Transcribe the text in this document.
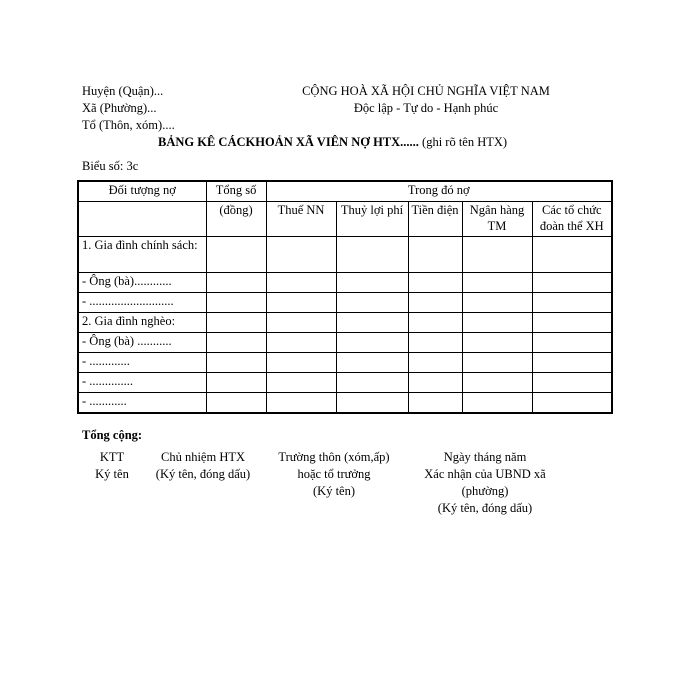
Huyện (Quận)...
Xã (Phường)...
Tổ (Thôn, xóm)....
CỘNG HOÀ XÃ HỘI CHỦ NGHĨA VIỆT NAM
Độc lập - Tự do - Hạnh phúc
BẢNG KÊ CÁCKHOẢN XÃ VIÊN NỢ HTX...... (ghi rõ tên HTX)
Biểu số: 3c
Đối tượng nợ	Tổng số	Trong đó nợ				
	(đồng)	Thuế NN	Thuỷ lợi phí	Tiền điện	Ngân hàng TM	Các tổ chức đoàn thể XH
1. Gia đình chính sách:						
- Ông (bà)............						
- ...........................						
2. Gia đình nghèo:						
- Ông (bà) ...........						
- .............						
- ..............						
- ............						
Tổng cộng:
KTT
Ký tên
Chủ nhiệm HTX
(Ký tên, đóng dấu)
Trường thôn (xóm,ấp)
hoặc tổ trưởng
(Ký tên)
Ngày tháng năm
Xác nhận của UBND xã
(phường)
(Ký tên, đóng dấu)
